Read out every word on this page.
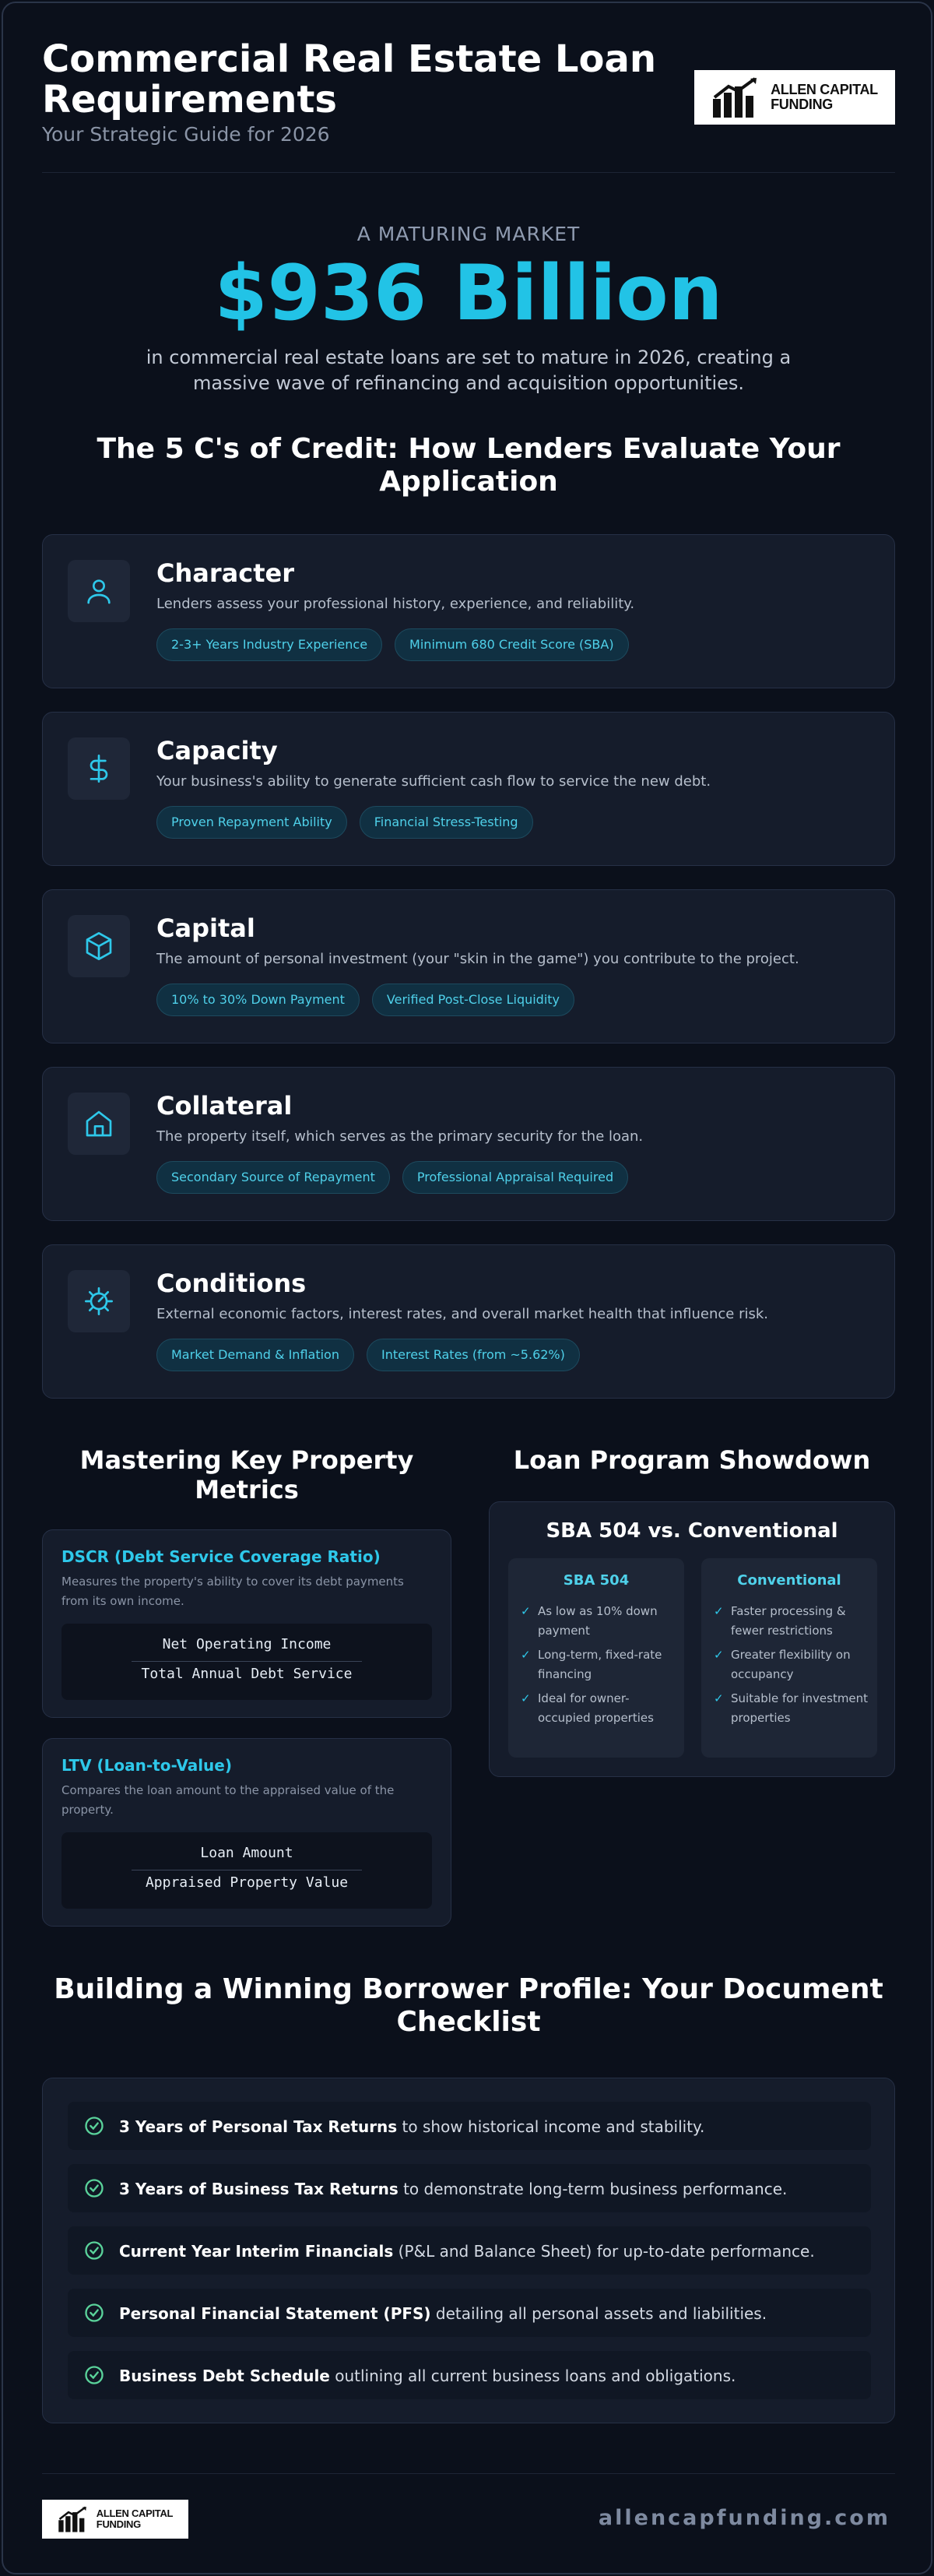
Commercial Real Estate Loan Requirements
Your Strategic Guide for 2026
ALLEN CAPITAL
FUNDING
A MATURING MARKET
$936 Billion
in commercial real estate loans are set to mature in 2026, creating a massive wave of refinancing and acquisition opportunities.
The 5 C's of Credit: How Lenders Evaluate Your Application
Character
Lenders assess your professional history, experience, and reliability.
2-3+ Years Industry Experience	Minimum 680 Credit Score (SBA)
Capacity
Your business's ability to generate sufficient cash flow to service the new debt.
Proven Repayment Ability	Financial Stress-Testing
Capital
The amount of personal investment (your "skin in the game") you contribute to the project.
10% to 30% Down Payment	Verified Post-Close Liquidity
Collateral
The property itself, which serves as the primary security for the loan.
Secondary Source of Repayment	Professional Appraisal Required
Conditions
External economic factors, interest rates, and overall market health that influence risk.
Market Demand & Inflation	Interest Rates (from ~5.62%)
Mastering Key Property Metrics
DSCR (Debt Service Coverage Ratio)
Measures the property's ability to cover its debt payments from its own income.
Net Operating Income
Total Annual Debt Service
LTV (Loan-to-Value)
Compares the loan amount to the appraised value of the property.
Loan Amount
Appraised Property Value
Loan Program Showdown
SBA 504 vs. Conventional
SBA 504
✓ As low as 10% down payment
✓ Long-term, fixed-rate financing
✓ Ideal for owner-occupied properties
Conventional
✓ Faster processing & fewer restrictions
✓ Greater flexibility on occupancy
✓ Suitable for investment properties
Building a Winning Borrower Profile: Your Document Checklist
3 Years of Personal Tax Returns to show historical income and stability.
3 Years of Business Tax Returns to demonstrate long-term business performance.
Current Year Interim Financials (P&L and Balance Sheet) for up-to-date performance.
Personal Financial Statement (PFS) detailing all personal assets and liabilities.
Business Debt Schedule outlining all current business loans and obligations.
ALLEN CAPITAL
FUNDING	allencapfunding.com
